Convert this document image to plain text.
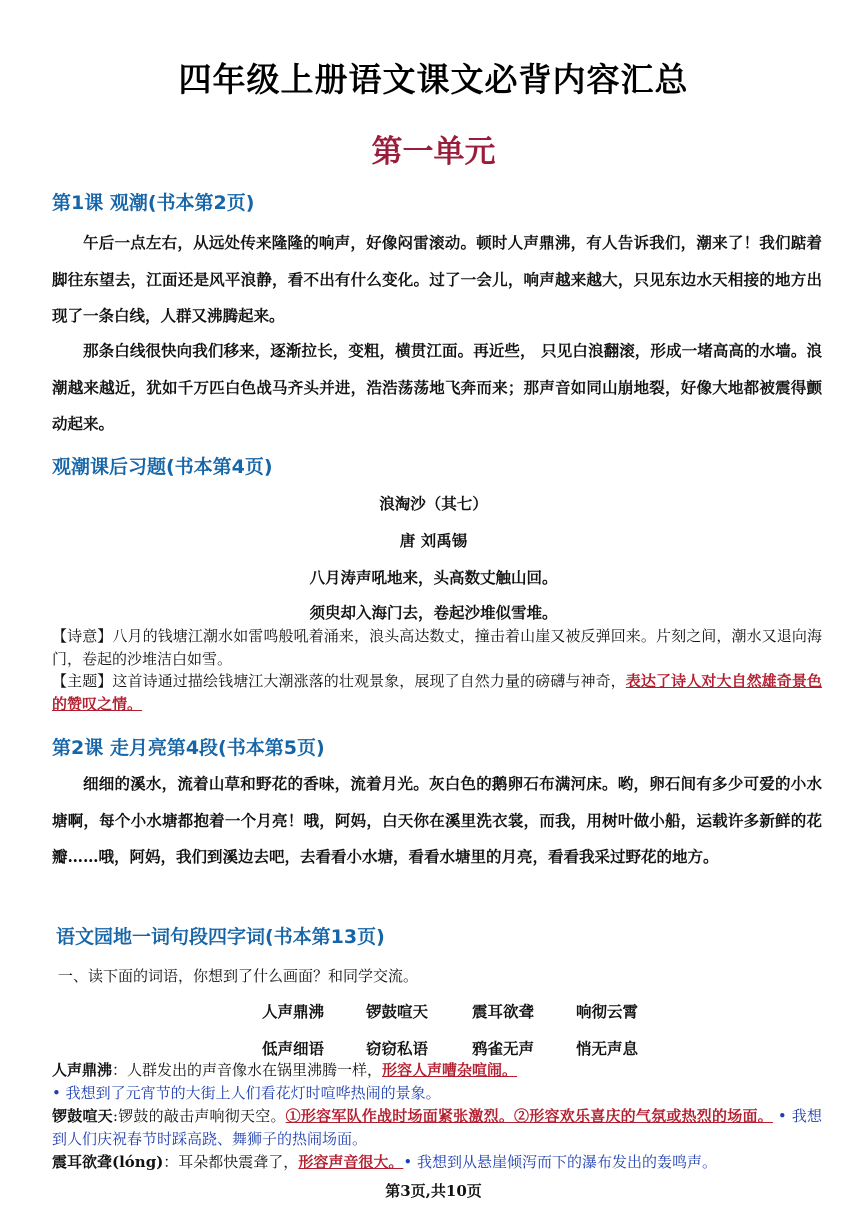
四年级上册语文课文必背内容汇总
第一单元
第1课 观潮(书本第2页)
午后一点左右，从远处传来隆隆的响声，好像闷雷滚动。顿时人声鼎沸，有人告诉我们，潮来了！我们踮着脚往东望去，江面还是风平浪静，看不出有什么变化。过了一会儿，响声越来越大，只见东边水天相接的地方出现了一条白线，人群又沸腾起来。
那条白线很快向我们移来，逐渐拉长，变粗，横贯江面。再近些， 只见白浪翻滚，形成一堵高高的水墙。浪潮越来越近，犹如千万匹白色战马齐头并进，浩浩荡荡地飞奔而来；那声音如同山崩地裂，好像大地都被震得颤动起来。
观潮课后习题(书本第4页)
浪淘沙（其七）
唐 刘禹锡
八月涛声吼地来，头高数丈触山回。
须臾却入海门去，卷起沙堆似雪堆。
【诗意】八月的钱塘江潮水如雷鸣般吼着涌来，浪头高达数丈，撞击着山崖又被反弹回来。片刻之间，潮水又退向海门，卷起的沙堆洁白如雪。
【主题】这首诗通过描绘钱塘江大潮涨落的壮观景象，展现了自然力量的磅礴与神奇，表达了诗人对大自然雄奇景色的赞叹之情。
第2课 走月亮第4段(书本第5页)
细细的溪水，流着山草和野花的香味，流着月光。灰白色的鹅卵石布满河床。哟，卵石间有多少可爱的小水塘啊，每个小水塘都抱着一个月亮！哦，阿妈，白天你在溪里洗衣裳，而我，用树叶做小船，运载许多新鲜的花瓣……哦，阿妈，我们到溪边去吧，去看看小水塘，看看水塘里的月亮，看看我采过野花的地方。
语文园地一词句段四字词(书本第13页)
一、读下面的词语，你想到了什么画面？和同学交流。
人声鼎沸	锣鼓喧天	震耳欲聋	响彻云霄
低声细语	窃窃私语	鸦雀无声	悄无声息
人声鼎沸：人群发出的声音像水在锅里沸腾一样，形容人声嘈杂喧闹。
• 我想到了元宵节的大街上人们看花灯时喧哗热闹的景象。
锣鼓喧天:锣鼓的敲击声响彻天空。①形容军队作战时场面紧张激烈。②形容欢乐喜庆的气氛或热烈的场面。 • 我想到人们庆祝春节时踩高跷、舞狮子的热闹场面。
震耳欲聋(lóng)：耳朵都快震聋了，形容声音很大。• 我想到从悬崖倾泻而下的瀑布发出的轰鸣声。
第3页,共10页
